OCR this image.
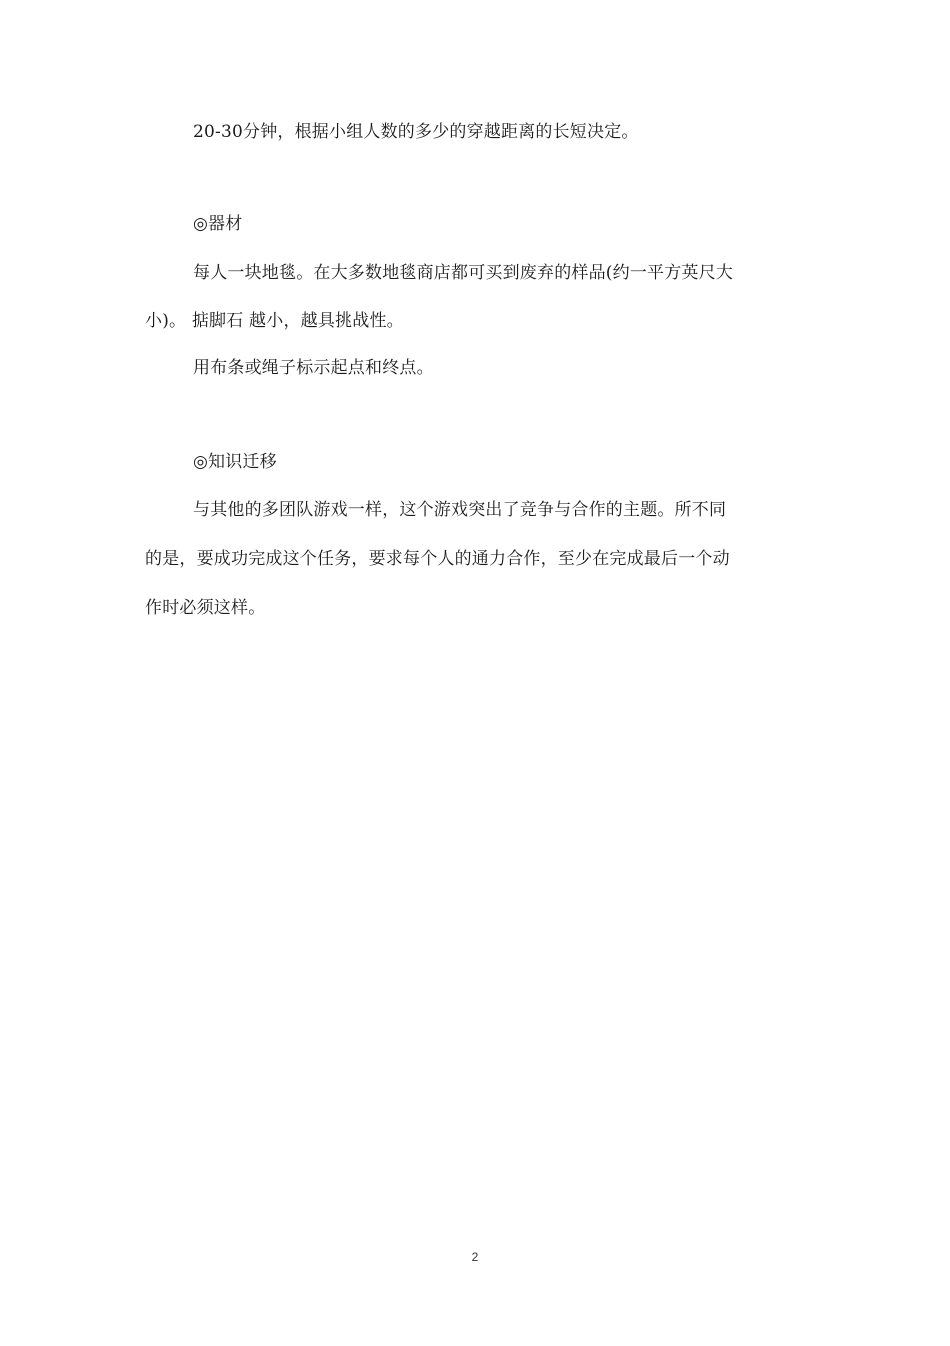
20-30分钟，根据小组人数的多少的穿越距离的长短决定。
◎器材
每人一块地毯。在大多数地毯商店都可买到废弃的样品(约一平方英尺大
小)。 掂脚石 越小，越具挑战性。
用布条或绳子标示起点和终点。
◎知识迁移
与其他的多团队游戏一样，这个游戏突出了竞争与合作的主题。所不同
的是，要成功完成这个任务，要求每个人的通力合作，至少在完成最后一个动
作时必须这样。
2
